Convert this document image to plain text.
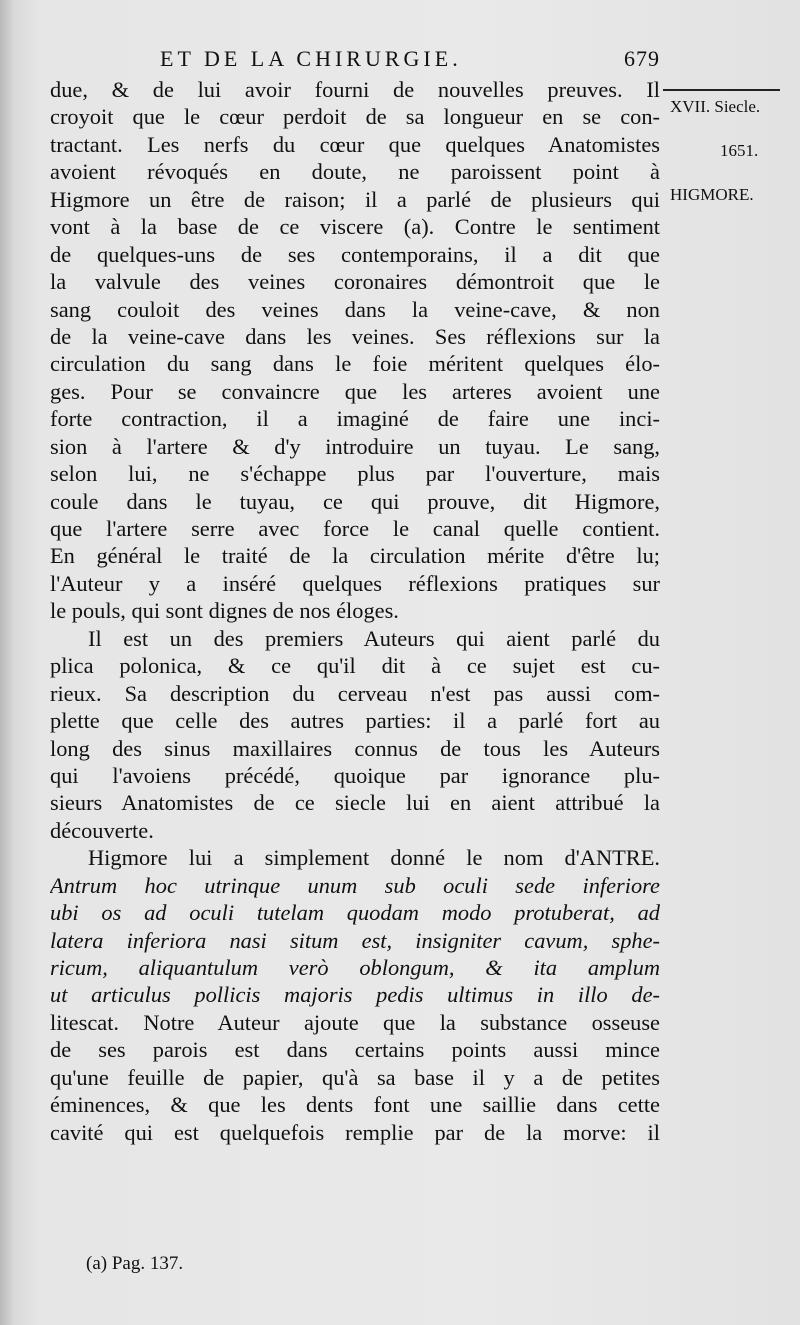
ET DE LA CHIRURGIE.	679
XVII. Siecle.
1651.
HIGMORE.
due, & de lui avoir fourni de nouvelles preuves. Il
croyoit que le cœur perdoit de sa longueur en se con-
tractant. Les nerfs du cœur que quelques Anatomistes
avoient révoqués en doute, ne paroissent point à
Higmore un être de raison; il a parlé de plusieurs qui
vont à la base de ce viscere (a). Contre le sentiment
de quelques-uns de ses contemporains, il a dit que
la valvule des veines coronaires démontroit que le
sang couloit des veines dans la veine-cave, & non
de la veine-cave dans les veines. Ses réflexions sur la
circulation du sang dans le foie méritent quelques élo-
ges. Pour se convaincre que les arteres avoient une
forte contraction, il a imaginé de faire une inci-
sion à l'artere & d'y introduire un tuyau. Le sang,
selon lui, ne s'échappe plus par l'ouverture, mais
coule dans le tuyau, ce qui prouve, dit Higmore,
que l'artere serre avec force le canal quelle contient.
En général le traité de la circulation mérite d'être lu;
l'Auteur y a inséré quelques réflexions pratiques sur
le pouls, qui sont dignes de nos éloges.
Il est un des premiers Auteurs qui aient parlé du
plica polonica, & ce qu'il dit à ce sujet est cu-
rieux. Sa description du cerveau n'est pas aussi com-
plette que celle des autres parties: il a parlé fort au
long des sinus maxillaires connus de tous les Auteurs
qui l'avoiens précédé, quoique par ignorance plu-
sieurs Anatomistes de ce siecle lui en aient attribué la
découverte.
Higmore lui a simplement donné le nom d'ANTRE.
Antrum hoc utrinque unum sub oculi sede inferiore
ubi os ad oculi tutelam quodam modo protuberat, ad
latera inferiora nasi situm est, insigniter cavum, sphe-
ricum, aliquantulum verò oblongum, & ita amplum
ut articulus pollicis majoris pedis ultimus in illo de-
litescat. Notre Auteur ajoute que la substance osseuse
de ses parois est dans certains points aussi mince
qu'une feuille de papier, qu'à sa base il y a de petites
éminences, & que les dents font une saillie dans cette
cavité qui est quelquefois remplie par de la morve: il
(a) Pag. 137.
